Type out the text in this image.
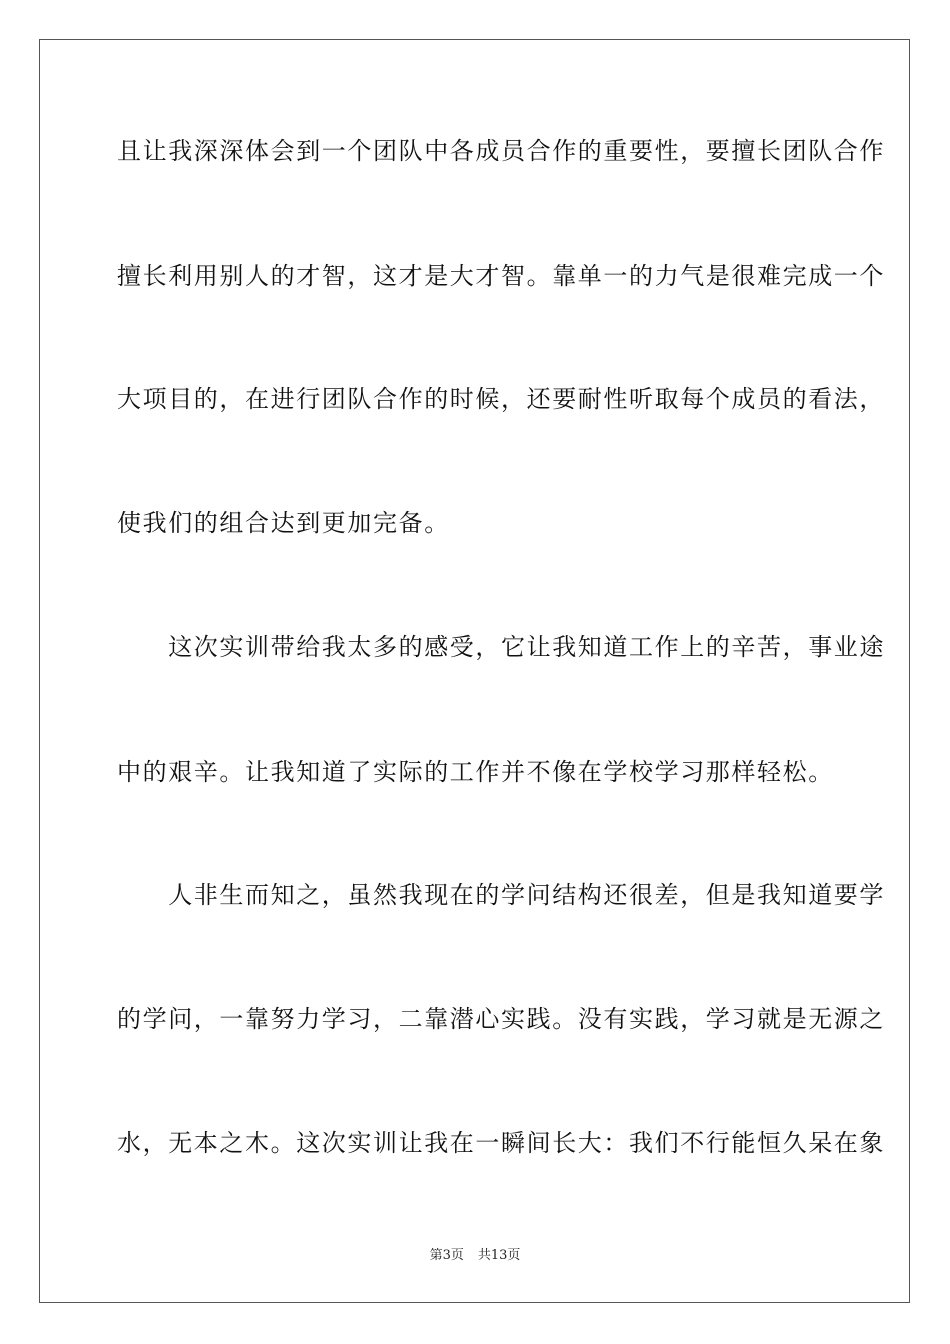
且让我深深体会到一个团队中各成员合作的重要性，要擅长团队合作
擅长利用别人的才智，这才是大才智。靠单一的力气是很难完成一个
大项目的，在进行团队合作的时候，还要耐性听取每个成员的看法，
使我们的组合达到更加完备。
　　这次实训带给我太多的感受，它让我知道工作上的辛苦，事业途
中的艰辛。让我知道了实际的工作并不像在学校学习那样轻松。
　　人非生而知之，虽然我现在的学问结构还很差，但是我知道要学
的学问，一靠努力学习，二靠潜心实践。没有实践，学习就是无源之
水，无本之木。这次实训让我在一瞬间长大：我们不行能恒久呆在象
第3页 共13页
